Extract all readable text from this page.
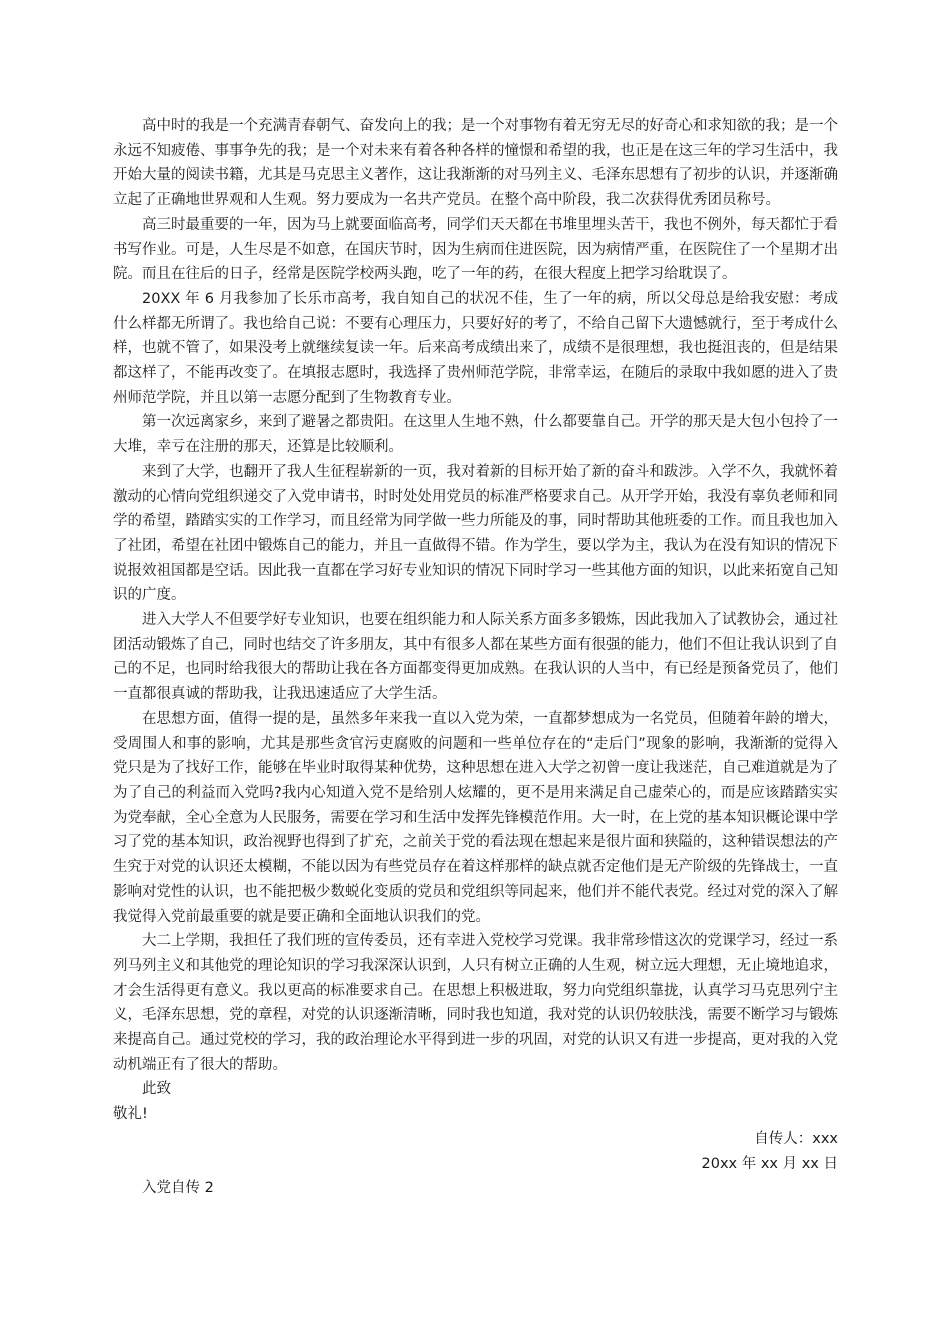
高中时的我是一个充满青春朝气、奋发向上的我；是一个对事物有着无穷无尽的好奇心和求知欲的我；是一个永远不知疲倦、事事争先的我；是一个对未来有着各种各样的憧憬和希望的我，也正是在这三年的学习生活中，我开始大量的阅读书籍，尤其是马克思主义著作，这让我渐渐的对马列主义、毛泽东思想有了初步的认识，并逐渐确立起了正确地世界观和人生观。努力要成为一名共产党员。在整个高中阶段，我二次获得优秀团员称号。

高三时最重要的一年，因为马上就要面临高考，同学们天天都在书堆里埋头苦干，我也不例外，每天都忙于看书写作业。可是，人生尽是不如意，在国庆节时，因为生病而住进医院，因为病情严重，在医院住了一个星期才出院。而且在往后的日子，经常是医院学校两头跑，吃了一年的药，在很大程度上把学习给耽误了。

20XX 年 6 月我参加了长乐市高考，我自知自己的状况不佳，生了一年的病，所以父母总是给我安慰：考成什么样都无所谓了。我也给自己说：不要有心理压力，只要好好的考了，不给自己留下大遗憾就行，至于考成什么样，也就不管了，如果没考上就继续复读一年。后来高考成绩出来了，成绩不是很理想，我也挺沮丧的，但是结果都这样了，不能再改变了。在填报志愿时，我选择了贵州师范学院，非常幸运，在随后的录取中我如愿的进入了贵州师范学院，并且以第一志愿分配到了生物教育专业。

第一次远离家乡，来到了避暑之都贵阳。在这里人生地不熟，什么都要靠自己。开学的那天是大包小包拎了一大堆，幸亏在注册的那天，还算是比较顺利。

来到了大学，也翻开了我人生征程崭新的一页，我对着新的目标开始了新的奋斗和跋涉。入学不久，我就怀着激动的心情向党组织递交了入党申请书，时时处处用党员的标准严格要求自己。从开学开始，我没有辜负老师和同学的希望，踏踏实实的工作学习，而且经常为同学做一些力所能及的事，同时帮助其他班委的工作。而且我也加入了社团，希望在社团中锻炼自己的能力，并且一直做得不错。作为学生，要以学为主，我认为在没有知识的情况下说报效祖国都是空话。因此我一直都在学习好专业知识的情况下同时学习一些其他方面的知识，以此来拓宽自己知识的广度。

进入大学人不但要学好专业知识，也要在组织能力和人际关系方面多多锻炼，因此我加入了试教协会，通过社团活动锻炼了自己，同时也结交了许多朋友，其中有很多人都在某些方面有很强的能力，他们不但让我认识到了自己的不足，也同时给我很大的帮助让我在各方面都变得更加成熟。在我认识的人当中，有已经是预备党员了，他们一直都很真诚的帮助我，让我迅速适应了大学生活。

在思想方面，值得一提的是，虽然多年来我一直以入党为荣，一直都梦想成为一名党员，但随着年龄的增大，受周围人和事的影响，尤其是那些贪官污吏腐败的问题和一些单位存在的“走后门”现象的影响，我渐渐的觉得入党只是为了找好工作，能够在毕业时取得某种优势，这种思想在进入大学之初曾一度让我迷茫，自己难道就是为了为了自己的利益而入党吗?我内心知道入党不是给别人炫耀的，更不是用来满足自己虚荣心的，而是应该踏踏实实为党奉献，全心全意为人民服务，需要在学习和生活中发挥先锋模范作用。大一时，在上党的基本知识概论课中学习了党的基本知识，政治视野也得到了扩充，之前关于党的看法现在想起来是很片面和狭隘的，这种错误想法的产生究于对党的认识还太模糊，不能以因为有些党员存在着这样那样的缺点就否定他们是无产阶级的先锋战士，一直影响对党性的认识，也不能把极少数蜕化变质的党员和党组织等同起来，他们并不能代表党。经过对党的深入了解我觉得入党前最重要的就是要正确和全面地认识我们的党。

大二上学期，我担任了我们班的宣传委员，还有幸进入党校学习党课。我非常珍惜这次的党课学习，经过一系列马列主义和其他党的理论知识的学习我深深认识到，人只有树立正确的人生观，树立远大理想，无止境地追求，才会生活得更有意义。我以更高的标准要求自己。在思想上积极进取，努力向党组织靠拢，认真学习马克思列宁主义，毛泽东思想，党的章程，对党的认识逐渐清晰，同时我也知道，我对党的认识仍较肤浅，需要不断学习与锻炼来提高自己。通过党校的学习，我的政治理论水平得到进一步的巩固，对党的认识又有进一步提高，更对我的入党动机端正有了很大的帮助。

此致

敬礼!

自传人：xxx

20xx 年 xx 月 xx 日

入党自传 2
